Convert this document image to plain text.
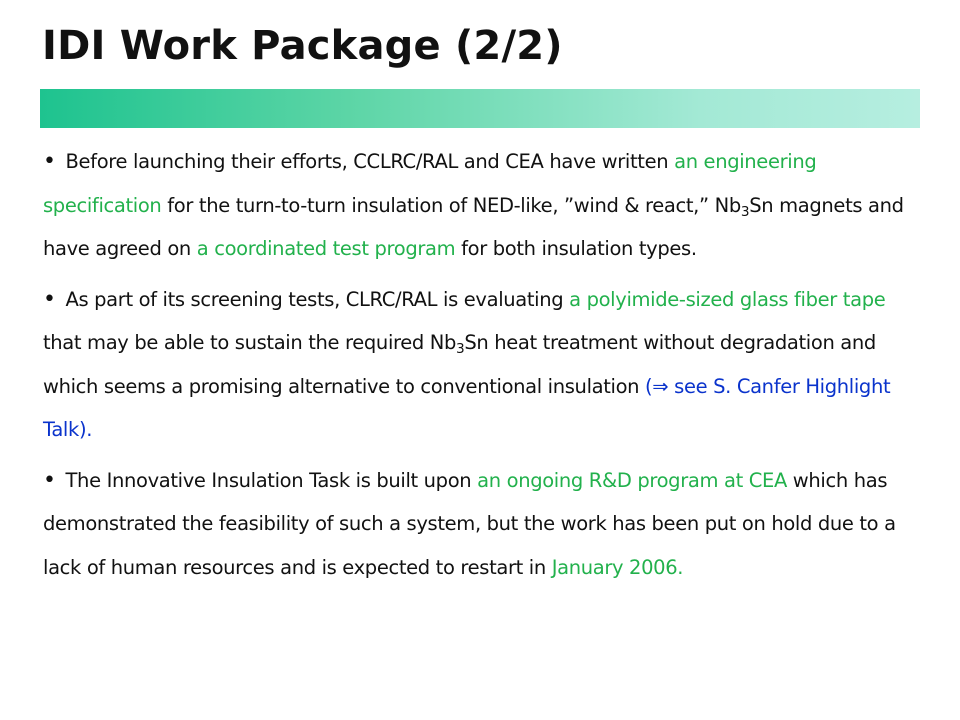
IDI Work Package (2/2)

• Before launching their efforts, CCLRC/RAL and CEA have written an engineering specification for the turn-to-turn insulation of NED-like, ”wind & react,” $Nb_3Sn$ magnets and have agreed on a coordinated test program for both insulation types.

• As part of its screening tests, CLRC/RAL is evaluating a polyimide-sized glass fiber tape that may be able to sustain the required $Nb_3Sn$ heat treatment without degradation and which seems a promising alternative to conventional insulation (⇒ see S. Canfer Highlight Talk).

• The Innovative Insulation Task is built upon an ongoing R&D program at CEA which has demonstrated the feasibility of such a system, but the work has been put on hold due to a lack of human resources and is expected to restart in January 2006.
